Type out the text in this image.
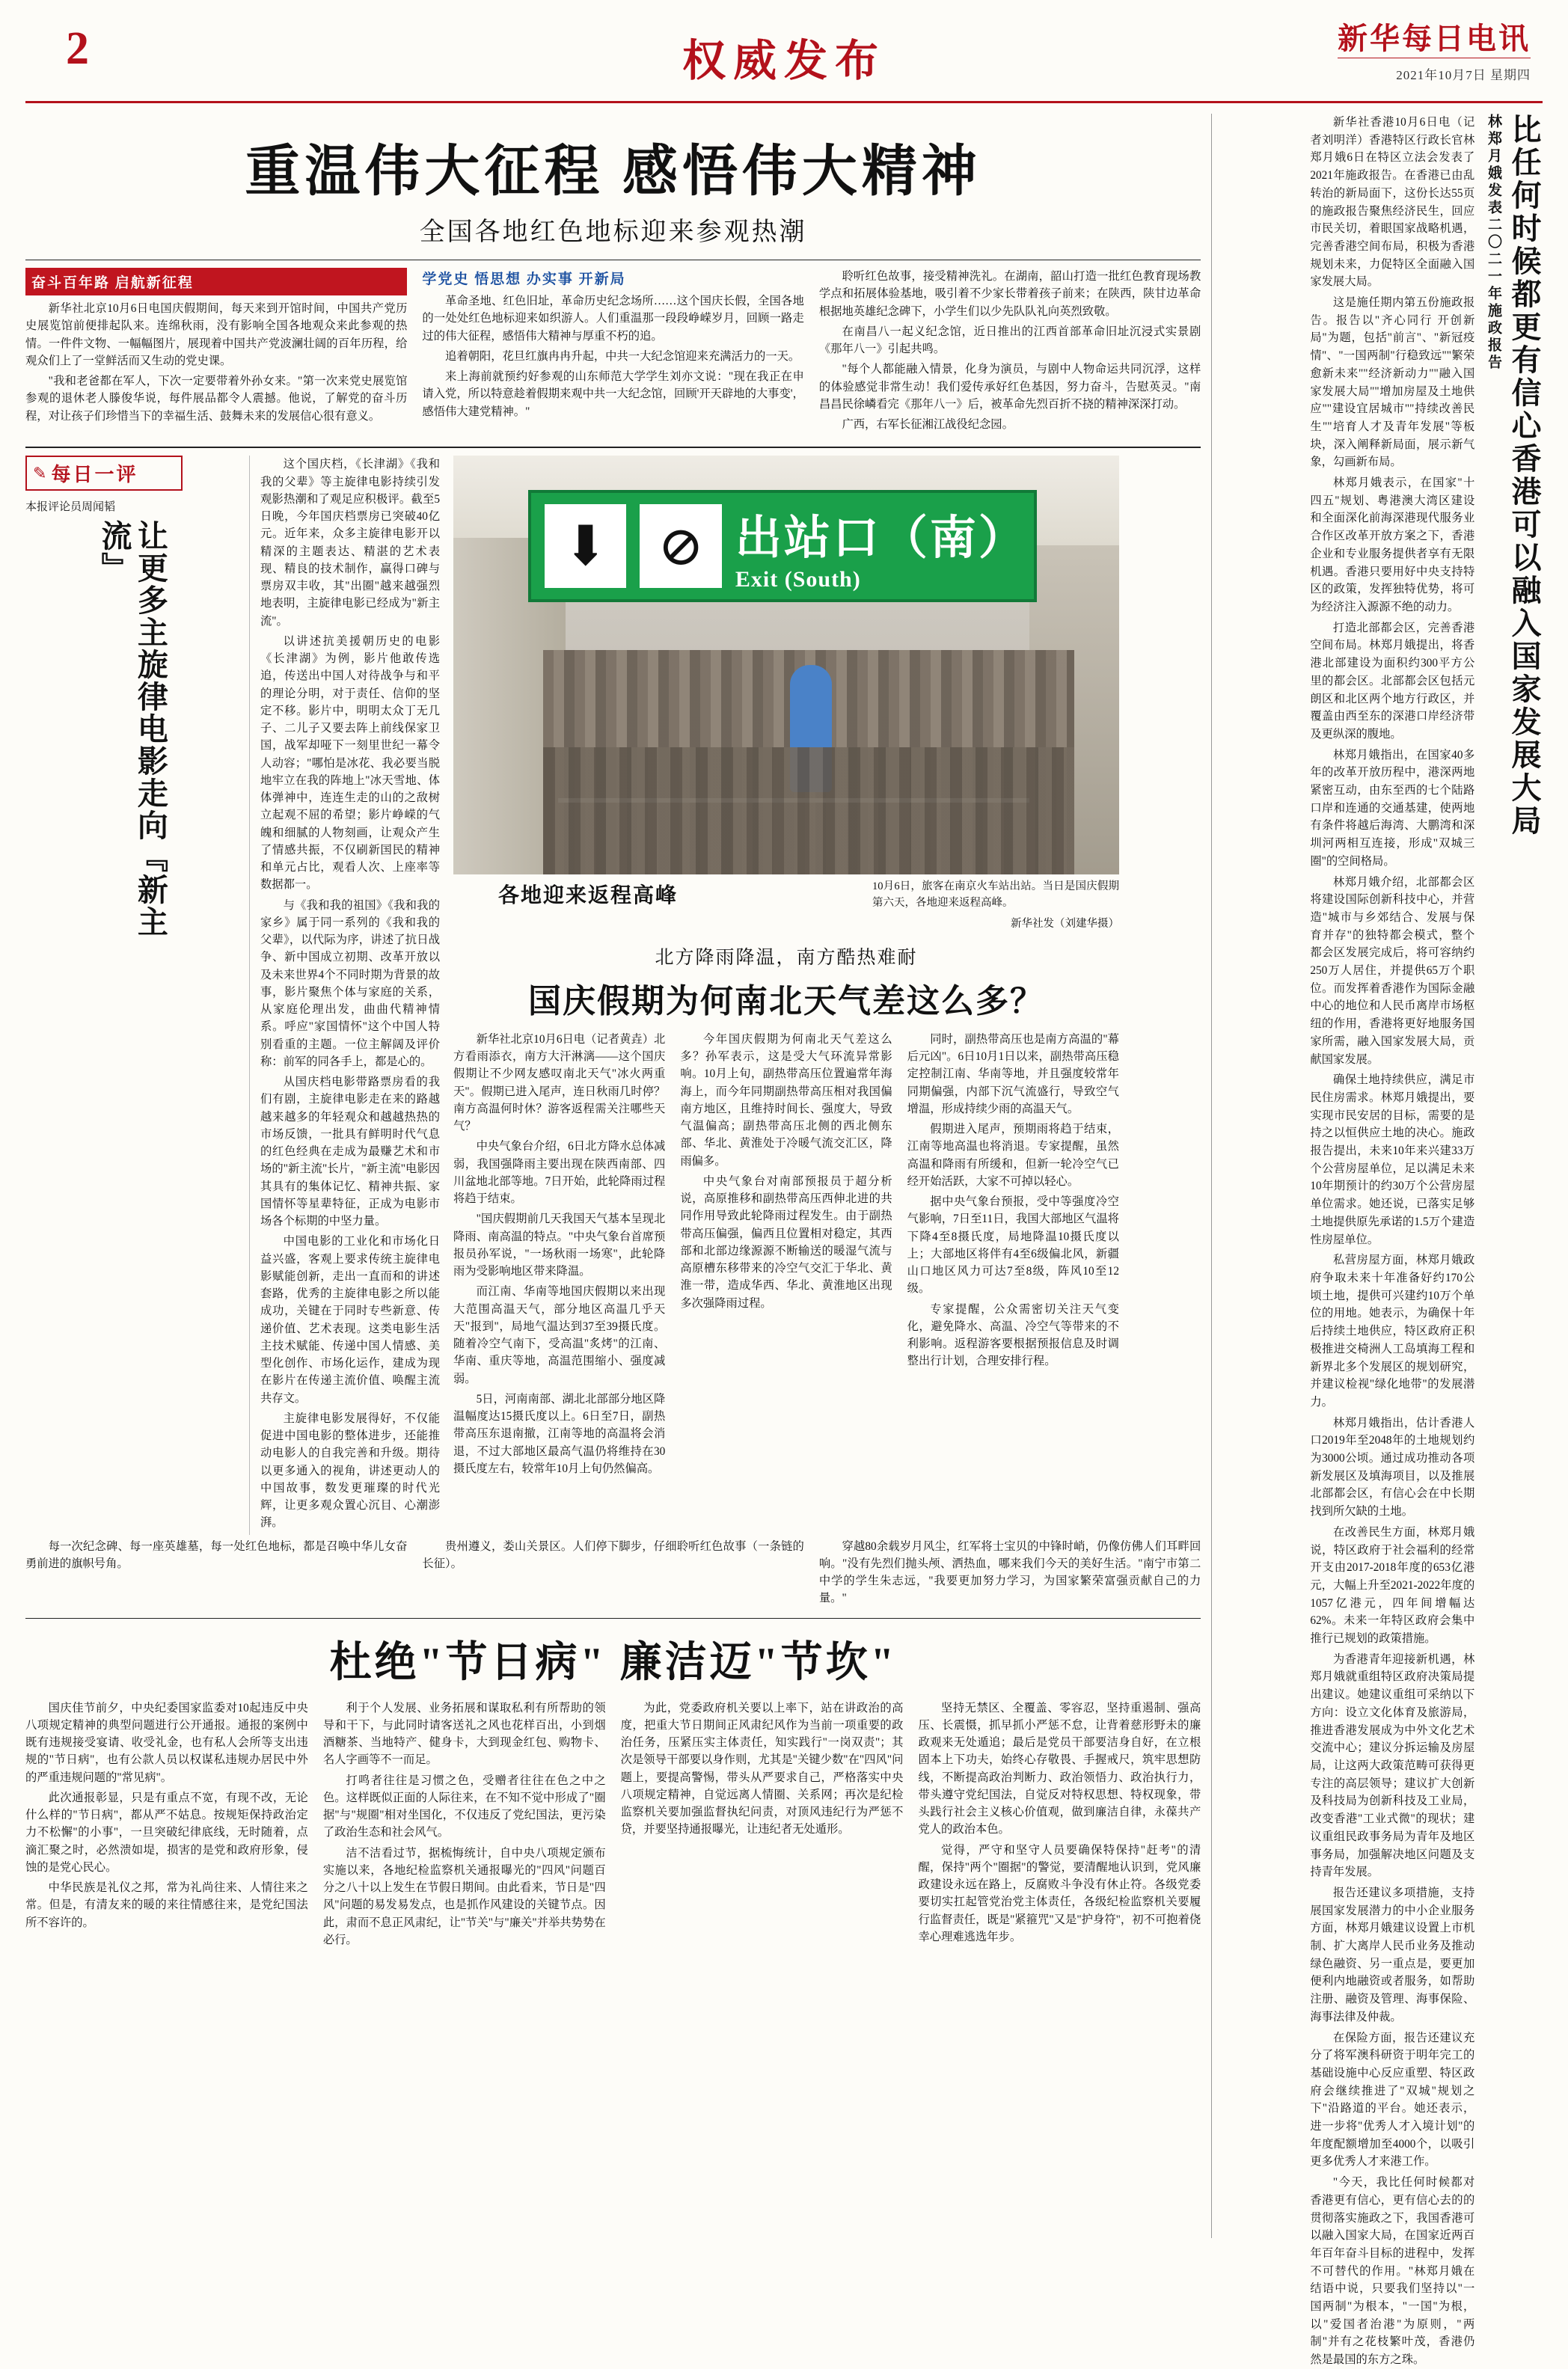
2	权威发布	新华每日电讯
2021年10月7日 星期四
重温伟大征程 感悟伟大精神
全国各地红色地标迎来参观热潮
奋斗百年路 启航新征程

新华社北京10月6日电国庆假期间，每天来到开馆时间，中国共产党历史展览馆前便排起队来。连绵秋雨，没有影响全国各地观众来此参观的热情。一件件文物、一幅幅图片，展现着中国共产党波澜壮阔的百年历程，给观众们上了一堂鲜活而又生动的党史课。

"我和老爸都在军人，下次一定要带着外孙女来。"第一次来党史展览馆参观的退休老人滕俊华说，每件展品都令人震撼。他说，了解党的奋斗历程，对让孩子们珍惜当下的幸福生活、鼓舞未来的发展信心很有意义。

学党史 悟思想 办实事 开新局

革命圣地、红色旧址，革命历史纪念场所……这个国庆长假，全国各地的一处处红色地标迎来如织游人。人们重温那一段段峥嵘岁月，回顾一路走过的伟大征程，感悟伟大精神与厚重不朽的追。

追着朝阳，花旦红旗冉冉升起，中共一大纪念馆迎来充满活力的一天。

来上海前就预约好参观的山东师范大学学生刘亦文说："现在我正在申请入党，所以特意趁着假期来观中共一大纪念馆，回顾'开天辟地的大事变'，感悟伟大建党精神。"

聆听红色故事，接受精神洗礼。在湖南，韶山打造一批红色教育现场教学点和拓展体验基地，吸引着不少家长带着孩子前来；在陕西，陕甘边革命根据地英雄纪念碑下，小学生们以少先队队礼向英烈致敬。

在南昌八一起义纪念馆，近日推出的江西首部革命旧址沉浸式实景剧《那年八一》引起共鸣。

"每个人都能融入情景，化身为演员，与剧中人物命运共同沉浮，这样的体验感觉非常生动！我们爱传承好红色基因，努力奋斗，告慰英灵。"南昌昌民徐嶙看完《那年八一》后，被革命先烈百折不挠的精神深深打动。

广西，右军长征湘江战役纪念园。

✎ 每日一评
本报评论员周闻韬
让更多主旋律电影走向『新主流』

这个国庆档，《长津湖》《我和我的父辈》等主旋律电影持续引发观影热潮和了观足应积极评。截至5日晚，今年国庆档票房已突破40亿元。近年来，众多主旋律电影开以精深的主题表达、精湛的艺术表现、精良的技术制作，赢得口碑与票房双丰收，其"出圈"越来越强烈地表明，主旋律电影已经成为"新主流"。

以讲述抗美援朝历史的电影《长津湖》为例，影片他敢传选追，传送出中国人对待战争与和平的理论分明，对于责任、信仰的坚定不移。影片中，明明太众丁无几子、二儿子又要去阵上前线保家卫国，战军却哑下一刻里世纪一幕令人动容；"哪怕是冰花、我必要当脱地牢立在我的阵地上"冰天雪地、体体弹神中，连连生走的山的之敌树立起观不屈的希望；影片峥嵘的气魄和细腻的人物刻画，让观众产生了情感共振，不仅刷新国民的精神和单元占比，观看人次、上座率等数据都一。

与《我和我的祖国》《我和我的家乡》属于同一系列的《我和我的父辈》，以代际为序，讲述了抗日战争、新中国成立初期、改革开放以及未来世界4个不同时期为背景的故事，影片聚焦个体与家庭的关系，从家庭伦理出发，曲曲代精神情系。呼应"家国情怀"这个中国人特别看重的主题。一位主解阔及评价称：前军的同各手上，都是心的。

从国庆档电影带路票房看的我们有剧，主旋律电影走在来的路越越来越多的年轻观众和越越热热的市场反馈，一批具有鲜明时代气息的红色经典在走成为最赚艺术和市场的"新主流"长片，"新主流"电影因其具有的集体记忆、精神共振、家国情怀等星辈特征，正成为电影市场各个标期的中坚力量。

中国电影的工业化和市场化日益兴盛，客观上要求传统主旋律电影赋能创新，走出一直而和的讲述套路，优秀的主旋律电影之所以能成功，关键在于同时专些新意、传递价值、艺术表现。这类电影生活主技术赋能、传递中国人情感、美型化创作、市场化运作，建成为现在影片在传递主流价值、唤醒主流共存文。

主旋律电影发展得好，不仅能促进中国电影的整体进步，还能推动电影人的自我完善和升级。期待以更多通入的视角，讲述更动人的中国故事，数发更璀璨的时代光辉，让更多观众置心沉目、心潮澎湃。

⬇ ⊘ 出站口（南）
Exit (South)
各地迎来返程高峰	10月6日，旅客在南京火车站出站。当日是国庆假期第六天，各地迎来返程高峰。
新华社发（刘建华摄）
北方降雨降温，南方酷热难耐
国庆假期为何南北天气差这么多？

新华社北京10月6日电（记者黄垚）北方看雨添衣，南方大汗淋漓——这个国庆假期让不少网友感叹南北天气"冰火两重天"。假期已进入尾声，连日秋雨几时停？南方高温何时休？游客返程需关注哪些天气？

中央气象台介绍，6日北方降水总体减弱，我国强降雨主要出现在陕西南部、四川盆地北部等地。7日开始，此轮降雨过程将趋于结束。

"国庆假期前几天我国天气基本呈现北降雨、南高温的特点。"中央气象台首席预报员孙军说，"一场秋雨一场寒"，此轮降雨为受影响地区带来降温。

而江南、华南等地国庆假期以来出现大范围高温天气，部分地区高温几乎天天"报到"，局地气温达到37至39摄氏度。随着冷空气南下，受高温"炙烤"的江南、华南、重庆等地，高温范围缩小、强度减弱。

5日，河南南部、湖北北部部分地区降温幅度达15摄氏度以上。6日至7日，副热带高压东退南撤，江南等地的高温将会消退，不过大部地区最高气温仍将维持在30摄氏度左右，较常年10月上旬仍然偏高。

今年国庆假期为何南北天气差这么多？孙军表示，这是受大气环流异常影响。10月上旬，副热带高压位置遍常年海海上，而今年同期副热带高压相对我国偏南方地区，且维持时间长、强度大，导致气温偏高；副热带高压北侧的西北侧东部、华北、黄淮处于冷暖气流交汇区，降雨偏多。

中央气象台对南部预报员于超分析说，高原推移和副热带高压西伸北进的共同作用导致此轮降雨过程发生。由于副热带高压偏强，偏西且位置相对稳定，其西部和北部边缘源源不断输送的暖湿气流与高原槽东移带来的冷空气交汇于华北、黄淮一带，造成华西、华北、黄淮地区出现多次强降雨过程。

同时，副热带高压也是南方高温的"幕后元凶"。6日10月1日以来，副热带高压稳定控制江南、华南等地，并且强度较常年同期偏强，内部下沉气流盛行，导致空气增温，形成持续少雨的高温天气。

假期进入尾声，预期雨将趋于结束，江南等地高温也将消退。专家提醒，虽然高温和降雨有所缓和，但新一轮冷空气已经开始活跃，大家不可掉以轻心。

据中央气象台预报，受中等强度冷空气影响，7日至11日，我国大部地区气温将下降4至8摄氏度，局地降温10摄氏度以上；大部地区将伴有4至6级偏北风，新疆山口地区风力可达7至8级，阵风10至12级。

专家提醒，公众需密切关注天气变化，避免降水、高温、冷空气等带来的不利影响。返程游客要根据预报信息及时调整出行计划，合理安排行程。

每一次纪念碑、每一座英雄墓，每一处红色地标，都是召唤中华儿女奋勇前进的旗帜号角。

贵州遵义，娄山关景区。人们停下脚步，仔细聆听红色故事（一条链的长征）。

穿越80余载岁月风尘，红军将士宝贝的中锋时峭，仍像仿佛人们耳畔回响。"没有先烈们抛头颅、洒热血，哪来我们今天的美好生活。"南宁市第二中学的学生朱志远，"我要更加努力学习，为国家繁荣富强贡献自己的力量。"

杜绝"节日病" 廉洁迈"节坎"

国庆佳节前夕，中央纪委国家监委对10起违反中央八项规定精神的典型问题进行公开通报。通报的案例中既有违规接受宴请、收受礼金，也有私人会所等支出违规的"节日病"，也有公款人员以权谋私违规办居民中外的严重违规问题的"常见病"。

此次通报彰显，只是有重点不宽，有现不改，无论什么样的"节日病"，都从严不姑息。按规矩保持政治定力不松懈"的小事"，一旦突破纪律底线，无时随着，点滴汇聚之时，必然溃如堤，损害的是党和政府形象，侵蚀的是党心民心。

中华民族是礼仪之邦，常为礼尚往来、人情往来之常。但是，有清友来的暖的来往情感往来，是党纪国法所不容许的。

利于个人发展、业务拓展和谋取私利有所帮助的领导和干下，与此同时请客送礼之风也花样百出，小到烟酒糖茶、当地特产、健身卡，大到现金红包、购物卡、名人字画等不一而足。

打鸣者往往是习惯之色，受赠者往往在色之中之色。这样既似正面的人际往来，在不知不觉中形成了"圈据"与"规圈"相对坐国化，不仅违反了党纪国法，更污染了政治生态和社会风气。

洁不洁看过节，据梳悔统计，自中央八项规定颁布实施以来，各地纪检监察机关通报曝光的"四风"问题百分之八十以上发生在节假日期间。由此看来，节日是"四风"问题的易发易发点，也是抓作风建设的关键节点。因此，肃而不息正风肃纪，让"节关"与"廉关"并举共势势在必行。

为此，党委政府机关要以上率下，站在讲政治的高度，把重大节日期间正风肃纪风作为当前一项重要的政治任务，压紧压实主体责任，知实践行"一岗双责"；其次是领导干部要以身作则，尤其是"关键少数"在"四风"问题上，要提高警惕，带头从严要求自己，严格落实中央八项规定精神，自觉远离人情圈、关系网；再次是纪检监察机关要加强监督执纪问责，对顶风违纪行为严惩不贷，并要坚持通报曝光，让违纪者无处遁形。

坚持无禁区、全覆盖、零容忍，坚持重遏制、强高压、长震慑，抓早抓小严惩不怠，让背着慈形野未的廉政观来无处遁追；最后是党员干部要洁身自好，在立根固本上下功夫，始终心存敬畏、手握戒尺，筑牢思想防线，不断提高政治判断力、政治领悟力、政治执行力，带头遵守党纪国法，自觉反对特权思想、特权现象，带头践行社会主义核心价值观，做到廉洁自律，永葆共产党人的政治本色。

觉得，严守和坚守人员要确保特保持"赶考"的清醒，保持"两个"圈据"的警觉，要清醒地认识到，党风廉政建设永远在路上，反腐败斗争没有休止符。各级党委要切实扛起管党治党主体责任，各级纪检监察机关要履行监督责任，既是"紧箍咒"又是"护身符"，初不可抱着侥幸心理难逃选年步。

林郑月娥发表二〇二一年施政报告 比任何时候都更有信心香港可以融入国家发展大局

新华社香港10月6日电（记者刘明洋）香港特区行政长官林郑月娥6日在特区立法会发表了2021年施政报告。在香港已由乱转治的新局面下，这份长达55页的施政报告聚焦经济民生，回应市民关切，着眼国家战略机遇，完善香港空间布局，积极为香港规划未来，力促特区全面融入国家发展大局。

这是施任期内第五份施政报告。报告以"齐心同行 开创新局"为题，包括"前言"、"新冠疫情"、"一国两制"行稳致远""繁荣愈新未来""经济新动力""融入国家发展大局""增加房屋及土地供应""建设宜居城市""持续改善民生""培育人才及青年发展"等板块，深入阐释新局面，展示新气象，勾画新布局。

林郑月娥表示，在国家"十四五"规划、粤港澳大湾区建设和全面深化前海深港现代服务业合作区改革开放方案之下，香港企业和专业服务提供者享有无限机遇。香港只要用好中央支持特区的政策，发挥独特优势，将可为经济注入源源不绝的动力。

打造北部都会区，完善香港空间布局。林郑月娥提出，将香港北部建设为面积约300平方公里的都会区。北部都会区包括元朗区和北区两个地方行政区，并覆盖由西至东的深港口岸经济带及更纵深的腹地。

林郑月娥指出，在国家40多年的改革开放历程中，港深两地紧密互动，由东至西的七个陆路口岸和连通的交通基建，使两地有条件将越后海湾、大鹏湾和深圳河两相互连接，形成"双城三圈"的空间格局。

林郑月娥介绍，北部都会区将建设国际创新科技中心，并营造"城市与乡郊结合、发展与保育并存"的独特都会模式，整个都会区发展完成后，将可容纳约250万人居住，并提供65万个职位。而发挥着香港作为国际金融中心的地位和人民币离岸市场枢纽的作用，香港将更好地服务国家所需，融入国家发展大局，贡献国家发展。

确保土地持续供应，满足市民住房需求。林郑月娥提出，要实现市民安居的目标，需要的是持之以恒供应土地的决心。施政报告提出，未来10年来兴建33万个公营房屋单位，足以满足未来10年期预计的约30万个公营房屋单位需求。她还说，已落实足够土地提供原先承诺的1.5万个建造性房屋单位。

私营房屋方面，林郑月娥政府争取未来十年准备好约170公顷土地，提供可兴建约10万个单位的用地。她表示，为确保十年后持续土地供应，特区政府正积极推进交椅洲人工岛填海工程和新界北多个发展区的规划研究，并建议检视"绿化地带"的发展潜力。

林郑月娥指出，估计香港人口2019年至2048年的土地规划约为3000公顷。通过成功推动各项新发展区及填海项目，以及推展北部都会区，有信心会在中长期找到所欠缺的土地。

在改善民生方面，林郑月娥说，特区政府于社会福利的经常开支由2017-2018年度的653亿港元，大幅上升至2021-2022年度的1057亿港元，四年间增幅达62%。未来一年特区政府会集中推行已规划的政策措施。

为香港青年迎接新机遇，林郑月娥就重组特区政府决策局提出建议。她建议重组可采纳以下方向：设立文化体育及旅游局，推进香港发展成为中外文化艺术交流中心；建议分拆运输及房屋局，让这两大政策范畴可获得更专注的高层领导；建议扩大创新及科技局为创新科技及工业局，改变香港"工业式微"的现状；建议重组民政事务局为青年及地区事务局，加强解决地区问题及支持青年发展。

报告还建议多项措施，支持展国家发展潜力的中小企业服务方面，林郑月娥建议设置上市机制、扩大离岸人民币业务及推动绿色融资、另一重点是，要更加便利内地融资或者服务，如帮助注册、融资及管理、海事保险、海事法律及仲裁。

在保险方面，报告还建议充分了将军澳科研资于明年完工的基础设施中心反应重塑、特区政府会继续推进了"双城"规划之下"沿路道的平台。她还表示，进一步将"优秀人才入境计划"的年度配额增加至4000个，以吸引更多优秀人才来港工作。

"今天，我比任何时候都对香港更有信心，更有信心去的的贯彻落实施政之下，我国香港可以融入国家大局，在国家近两百年百年奋斗目标的进程中，发挥不可替代的作用。"林郑月娥在结语中说，只要我们坚持以"一国两制"为根本，"一国"为根，以"爱国者治港"为原则，"两制"并有之花枝繁叶茂，香港仍然是最国的东方之珠。
